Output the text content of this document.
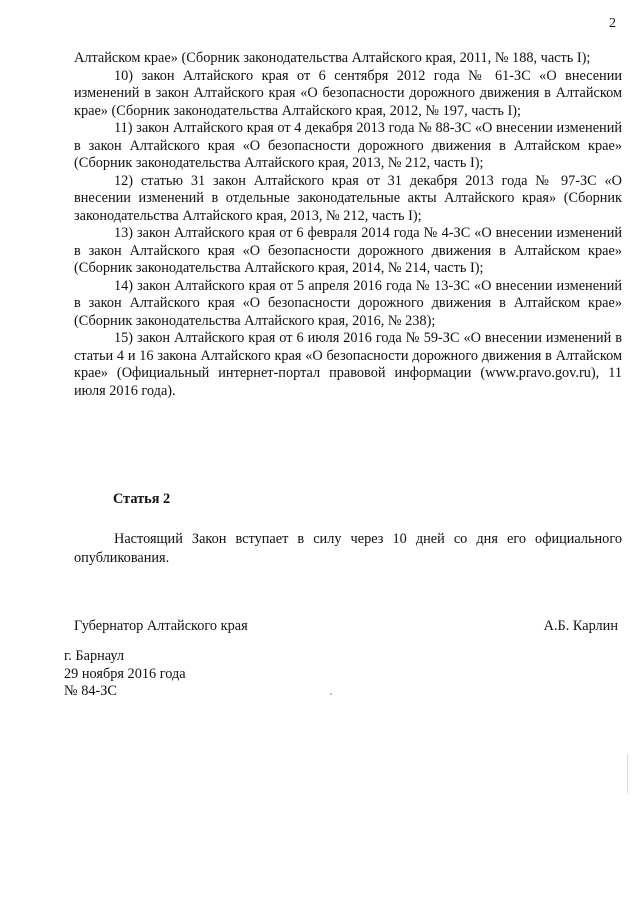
2

Алтайском крае» (Сборник законодательства Алтайского края, 2011, № 188, часть I);

10) закон Алтайского края от 6 сентября 2012 года № 61-ЗС «О внесении изменений в закон Алтайского края «О безопасности дорожного движения в Алтайском крае» (Сборник законодательства Алтайского края, 2012, № 197, часть I);

11) закон Алтайского края от 4 декабря 2013 года № 88-ЗС «О внесении изменений в закон Алтайского края «О безопасности дорожного движения в Алтайском крае» (Сборник законодательства Алтайского края, 2013, № 212, часть I);

12) статью 31 закон Алтайского края от 31 декабря 2013 года № 97-ЗС «О внесении изменений в отдельные законодательные акты Алтайского края» (Сборник законодательства Алтайского края, 2013, № 212, часть I);

13) закон Алтайского края от 6 февраля 2014 года № 4-ЗС «О внесении изменений в закон Алтайского края «О безопасности дорожного движения в Алтайском крае» (Сборник законодательства Алтайского края, 2014, № 214, часть I);

14) закон Алтайского края от 5 апреля 2016 года № 13-ЗС «О внесении изменений в закон Алтайского края «О безопасности дорожного движения в Алтайском крае» (Сборник законодательства Алтайского края, 2016, № 238);

15) закон Алтайского края от 6 июля 2016 года № 59-ЗС «О внесении изменений в статьи 4 и 16 закона Алтайского края «О безопасности дорожного движения в Алтайском крае» (Официальный интернет-портал правовой информации (www.pravo.gov.ru), 11 июля 2016 года).

Статья 2
Настоящий Закон вступает в силу через 10 дней со дня его официального опубликования.
Губернатор Алтайского края	А.Б. Карлин
г. Барнаул
29 ноября 2016 года
№ 84-ЗС
